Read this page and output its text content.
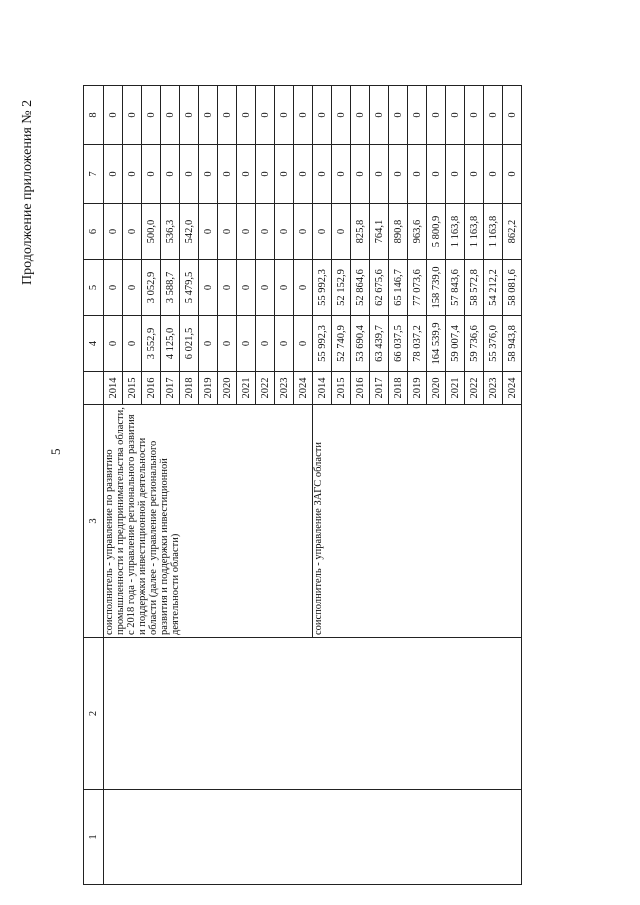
5
Продолжение приложения № 2
1	2	3		4	5	6	7	8
		соисполнитель - управление по развитию промышленности и предпринимательства области, с 2018 года - управление регионального развития и поддержки инвестиционной деятельности области (далее - управление регионального развития и поддержки инвестиционной деятельности области)	2014	0	0	0	0	0
			2015	0	0	0	0	0
			2016	3 552,9	3 052,9	500,0	0	0
			2017	4 125,0	3 588,7	536,3	0	0
			2018	6 021,5	5 479,5	542,0	0	0
			2019	0	0	0	0	0
			2020	0	0	0	0	0
			2021	0	0	0	0	0
			2022	0	0	0	0	0
			2023	0	0	0	0	0
			2024	0	0	0	0	0
		соисполнитель - управление ЗАГС области	2014	55 992,3	55 992,3	0	0	0
			2015	52 740,9	52 152,9	0	0	0
			2016	53 690,4	52 864,6	825,8	0	0
			2017	63 439,7	62 675,6	764,1	0	0
			2018	66 037,5	65 146,7	890,8	0	0
			2019	78 037,2	77 073,6	963,6	0	0
			2020	164 539,9	158 739,0	5 800,9	0	0
			2021	59 007,4	57 843,6	1 163,8	0	0
			2022	59 736,6	58 572,8	1 163,8	0	0
			2023	55 376,0	54 212,2	1 163,8	0	0
			2024	58 943,8	58 081,6	862,2	0	0
